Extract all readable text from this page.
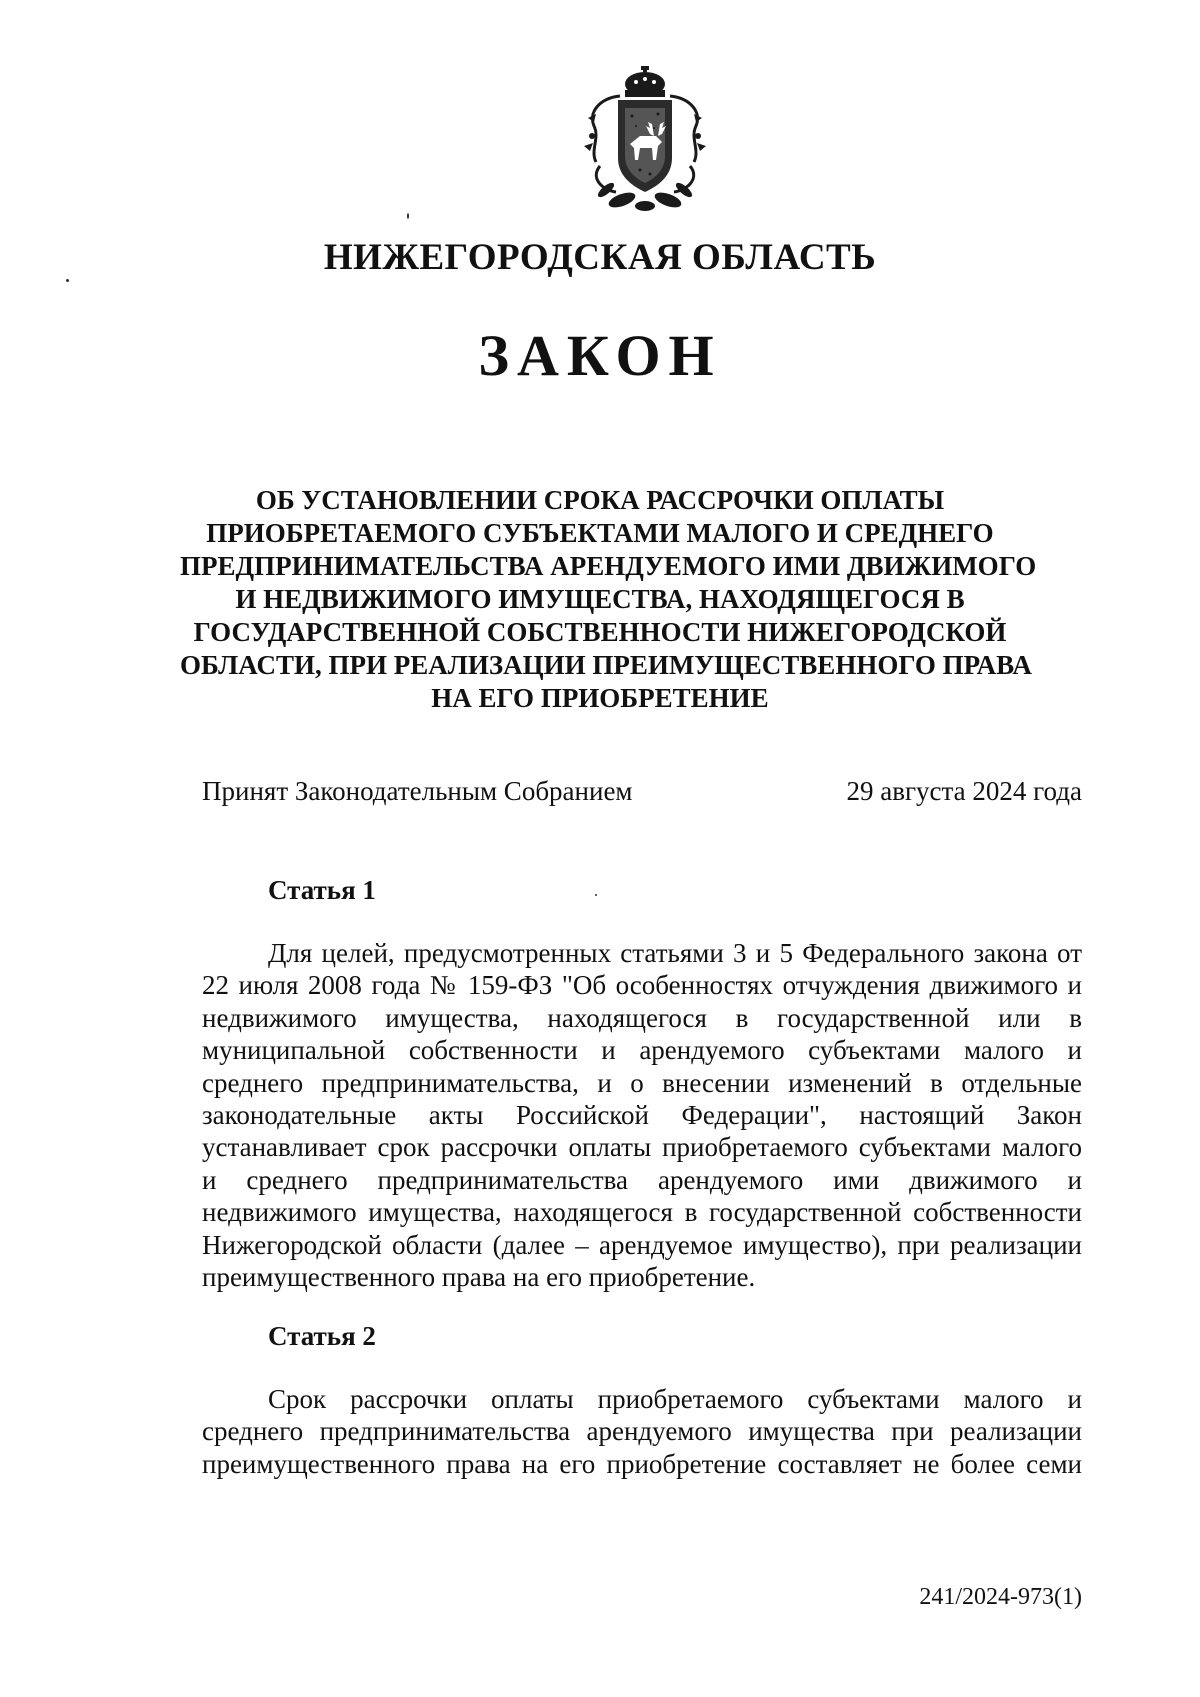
НИЖЕГОРОДСКАЯ ОБЛАСТЬ
ЗАКОН
ОБ УСТАНОВЛЕНИИ СРОКА РАССРОЧКИ ОПЛАТЫ
ПРИОБРЕТАЕМОГО СУБЪЕКТАМИ МАЛОГО И СРЕДНЕГО
ПРЕДПРИНИМАТЕЛЬСТВА АРЕНДУЕМОГО ИМИ ДВИЖИМОГО
И НЕДВИЖИМОГО ИМУЩЕСТВА, НАХОДЯЩЕГОСЯ В
ГОСУДАРСТВЕННОЙ СОБСТВЕННОСТИ НИЖЕГОРОДСКОЙ
ОБЛАСТИ, ПРИ РЕАЛИЗАЦИИ ПРЕИМУЩЕСТВЕННОГО ПРАВА
НА ЕГО ПРИОБРЕТЕНИЕ
Принят Законодательным Собранием	29 августа 2024 года
Статья 1
Для целей, предусмотренных статьями 3 и 5 Федерального закона от
22 июля 2008 года № 159-ФЗ "Об особенностях отчуждения движимого и
недвижимого имущества, находящегося в государственной или в
муниципальной собственности и арендуемого субъектами малого и
среднего предпринимательства, и о внесении изменений в отдельные
законодательные акты Российской Федерации", настоящий Закон
устанавливает срок рассрочки оплаты приобретаемого субъектами малого
и среднего предпринимательства арендуемого ими движимого и
недвижимого имущества, находящегося в государственной собственности
Нижегородской области (далее – арендуемое имущество), при реализации
преимущественного права на его приобретение.
Статья 2
Срок рассрочки оплаты приобретаемого субъектами малого и
среднего предпринимательства арендуемого имущества при реализации
преимущественного права на его приобретение составляет не более семи
241/2024-973(1)
